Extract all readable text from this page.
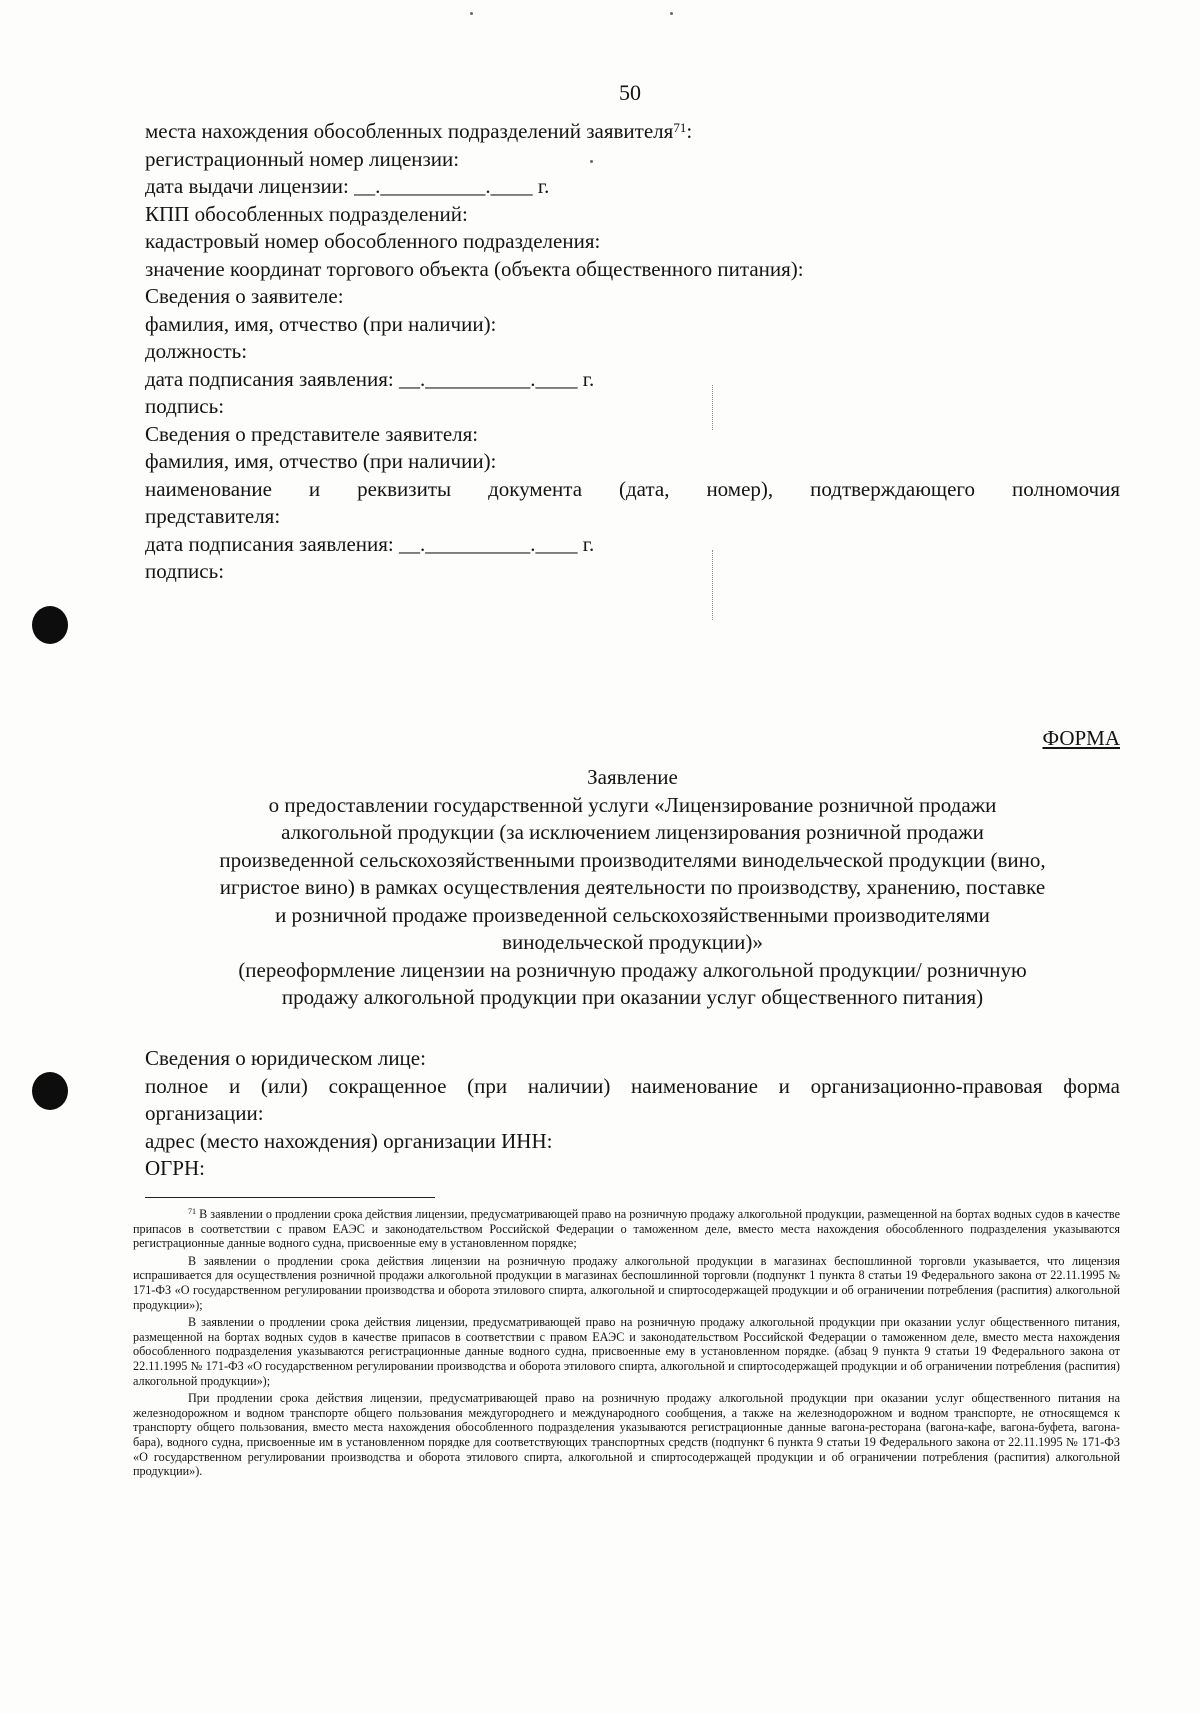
50
места нахождения обособленных подразделений заявителя$^{71}$:
регистрационный номер лицензии:
дата выдачи лицензии: __.__________.____ г.
КПП обособленных подразделений:
кадастровый номер обособленного подразделения:
значение координат торгового объекта (объекта общественного питания):
Сведения о заявителе:
фамилия, имя, отчество (при наличии):
должность:
дата подписания заявления: __.__________.____ г.
подпись:
Сведения о представителе заявителя:
фамилия, имя, отчество (при наличии):
наименование и реквизиты документа (дата, номер), подтверждающего полномочия
представителя:
дата подписания заявления: __.__________.____ г.
подпись:
ФОРМА
Заявление
о предоставлении государственной услуги «Лицензирование розничной продажи
алкогольной продукции (за исключением лицензирования розничной продажи
произведенной сельскохозяйственными производителями винодельческой продукции (вино,
игристое вино) в рамках осуществления деятельности по производству, хранению, поставке
и розничной продаже произведенной сельскохозяйственными производителями
винодельческой продукции)»
(переоформление лицензии на розничную продажу алкогольной продукции/ розничную
продажу алкогольной продукции при оказании услуг общественного питания)
Сведения о юридическом лице:
полное и (или) сокращенное (при наличии) наименование и организационно-правовая форма
организации:
адрес (место нахождения) организации ИНН:
ОГРН:

$^{71}$ В заявлении о продлении срока действия лицензии, предусматривающей право на розничную продажу алкогольной продукции, размещенной на бортах водных судов в качестве припасов в соответствии с правом ЕАЭС и законодательством Российской Федерации о таможенном деле, вместо места нахождения обособленного подразделения указываются регистрационные данные водного судна, присвоенные ему в установленном порядке;

В заявлении о продлении срока действия лицензии на розничную продажу алкогольной продукции в магазинах беспошлинной торговли указывается, что лицензия испрашивается для осуществления розничной продажи алкогольной продукции в магазинах беспошлинной торговли (подпункт 1 пункта 8 статьи 19 Федерального закона от 22.11.1995 № 171-ФЗ «О государственном регулировании производства и оборота этилового спирта, алкогольной и спиртосодержащей продукции и об ограничении потребления (распития) алкогольной продукции»);

В заявлении о продлении срока действия лицензии, предусматривающей право на розничную продажу алкогольной продукции при оказании услуг общественного питания, размещенной на бортах водных судов в качестве припасов в соответствии с правом ЕАЭС и законодательством Российской Федерации о таможенном деле, вместо места нахождения обособленного подразделения указываются регистрационные данные водного судна, присвоенные ему в установленном порядке. (абзац 9 пункта 9 статьи 19 Федерального закона от 22.11.1995 № 171-ФЗ «О государственном регулировании производства и оборота этилового спирта, алкогольной и спиртосодержащей продукции и об ограничении потребления (распития) алкогольной продукции»);

При продлении срока действия лицензии, предусматривающей право на розничную продажу алкогольной продукции при оказании услуг общественного питания на железнодорожном и водном транспорте общего пользования междугороднего и международного сообщения, а также на железнодорожном и водном транспорте, не относящемся к транспорту общего пользования, вместо места нахождения обособленного подразделения указываются регистрационные данные вагона-ресторана (вагона-кафе, вагона-буфета, вагона-бара), водного судна, присвоенные им в установленном порядке для соответствующих транспортных средств (подпункт 6 пункта 9 статьи 19 Федерального закона от 22.11.1995 № 171-ФЗ «О государственном регулировании производства и оборота этилового спирта, алкогольной и спиртосодержащей продукции и об ограничении потребления (распития) алкогольной продукции»).
